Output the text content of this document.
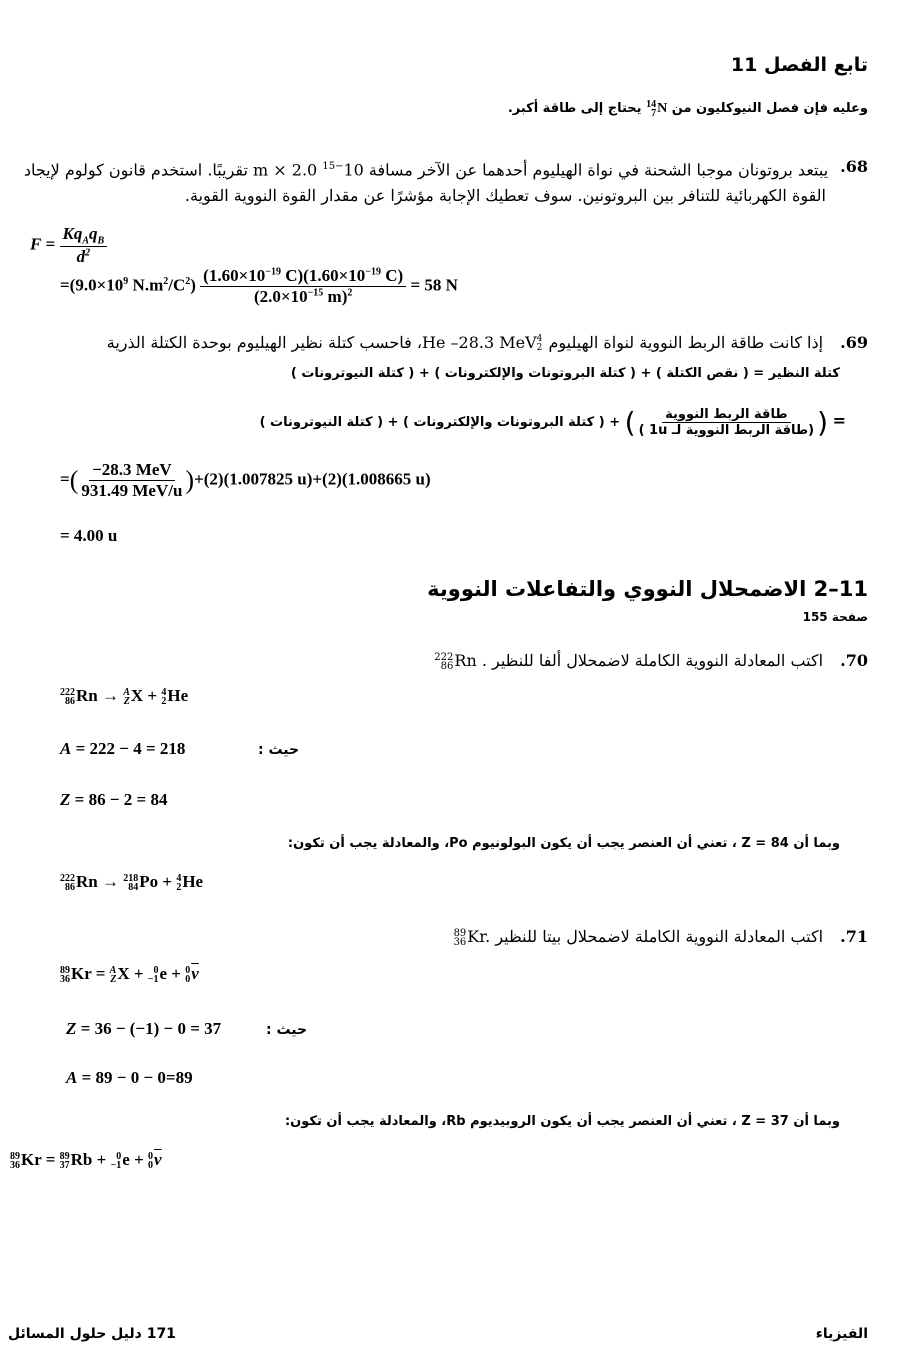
تابع الفصل 11
وعليه فإن فصل النيوكليون من
14
7 N يحتاج إلى طاقة أكبر.
68.
يبتعد بروتونان موجبا الشحنة في نواة الهيليوم أحدهما عن الآخر مسافة $10^{-15}$ m × 2.0 تقريبًا. استخدم قانون كولوم لإيجاد
القوة الكهربائية للتنافر بين البروتونين. سوف تعطيك الإجابة مؤشرًا عن مقدار القوة النووية القوية.
$F = \frac{Kq_Aq_B}{d^2}$
$=(9.0\times 10^9$ $N.m^2/C^2) \frac{(1.60\times 10^{-19} C)(1.60\times 10^{-19} C)}{(2.0\times 10^{-15} m)^2} = 58$ N
69. إذا كانت طاقة الربط النووية لنواة الهيليوم
4
2
He ‎–28.3 MeV‎، فاحسب كتلة نظير الهيليوم بوحدة الكتلة الذرية
كتلة النظير = ( نقص الكتلة ) + ( كتلة البروتونات والإلكترونات ) + ( كتلة النيوترونات )
= (
$\frac{\text{طاقة الربط النووية}}{\text{(طاقة الربط النووية لـ 1u )}}$
) + ( كتلة البروتونات والإلكترونات ) + ( كتلة النيوترونات )
=( $\frac{\text{−28.3 MeV}}{\text{931.49 MeV/u}} )+(2)(1.007825$ u)+(2)(1.008665 u)
= 4.00 u
11–2 الاضمحلال النووي والتفاعلات النووية
صفحة 155
70. اكتب المعادلة النووية الكاملة لاضمحلال ألفا للنظير
222
86 Rn .
222
86 Rn → A
Z X + 4
2 He
A = 222 − 4 = 218	حيث :
Z = 86 − 2 = 84
وبما أن Z = 84 ، تعني أن العنصر يجب أن يكون البولونيوم Po، والمعادلة يجب أن تكون:
222
86 Rn → 218
84 Po + 4
2 He
71. اكتب المعادلة النووية الكاملة لاضمحلال بيتا للنظير
89
36 Kr.
89
36 Kr = A
Z X + 0
−1 e + 0
0 $\overline{v}$
Z = 36 − (−1) − 0 = 37	حيث :
A = 89 − 0 − 0=89
وبما أن Z = 37 ، تعني أن العنصر يجب أن يكون الروبيديوم Rb، والمعادلة يجب أن تكون:
89
36 Kr = 89
37 Rb + 0
−1 e + 0
0 $\overline{v}$
171 دليل حلول المسائل	الفيزياء
